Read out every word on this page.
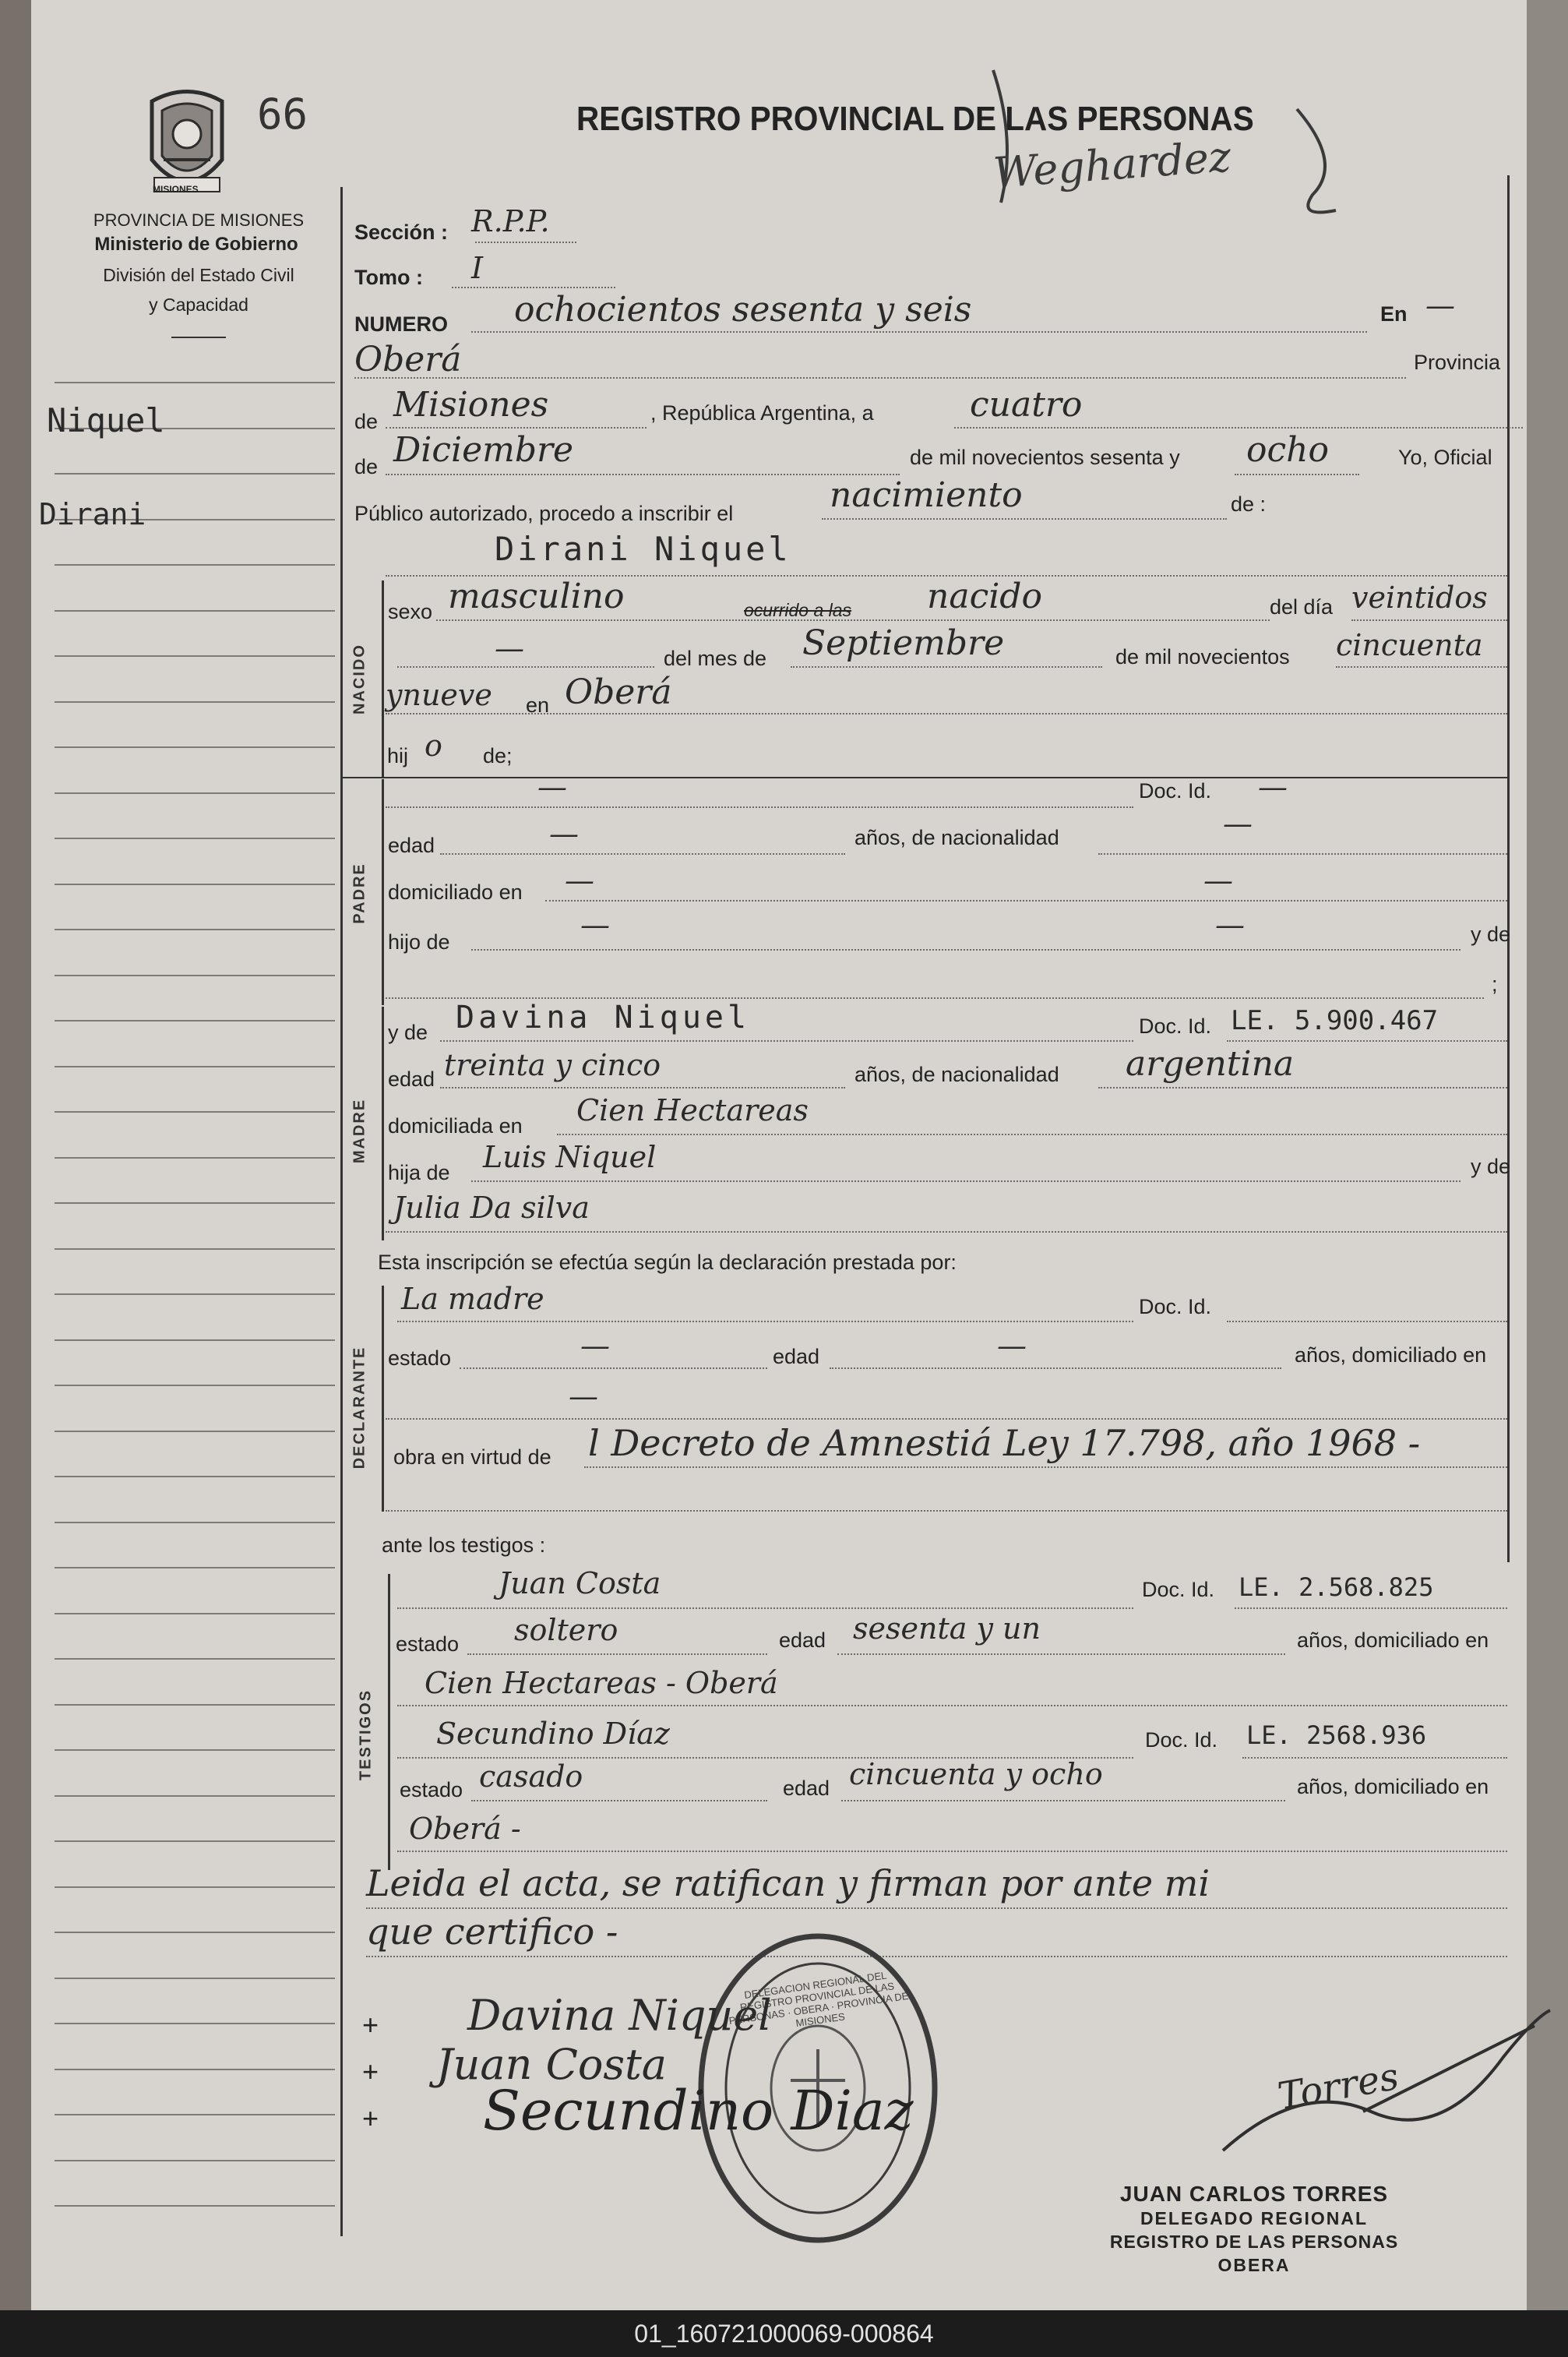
MISIONES
66	REGISTRO PROVINCIAL DE LAS PERSONAS
Weghardez
PROVINCIA DE MISIONES
Ministerio de Gobierno
División del Estado Civil
y Capacidad
Niquel
Dirani
Sección : R.P.P.
Tomo : I
NUMERO ochocientos sesenta y seis	En —
Oberá	Provincia
de Misiones	, República Argentina, a	cuatro
de Diciembre	de mil novecientos sesenta y ocho	Yo, Oficial
Público autorizado, procedo a inscribir el	nacimiento	de :
Dirani Niquel
NACIDO
sexo masculino	ocurrido a las nacido	del día veintidos
—	del mes de Septiembre	de mil novecientos cincuenta
ynueve en Oberá
hij o de;
PADRE
—	Doc. Id. —
edad	—	años, de nacionalidad	—
domiciliado en —	—
hijo de	—	—	y de
;
MADRE
y de Davina Niquel	Doc. Id. LE. 5.900.467
edad treinta y cinco	años, de nacionalidad argentina
domiciliada en Cien Hectareas
hija de Luis Niquel	y de
Julia Da silva
Esta inscripción se efectúa según la declaración prestada por:
DECLARANTE
La madre	Doc. Id.
estado	—	edad	—	años, domiciliado en
—
obra en virtud de l Decreto de Amnestiá Ley 17.798, año 1968 -
ante los testigos :
TESTIGOS
Juan Costa	Doc. Id. LE. 2.568.825
estado soltero	edad sesenta y un	años, domiciliado en
Cien Hectareas - Oberá
Secundino Díaz	Doc. Id. LE. 2568.936
estado casado	edad cincuenta y ocho	años, domiciliado en
Oberá -
Leida el acta, se ratifican y firman por ante mi
que certifico -
DELEGACION REGIONAL DEL REGISTRO PROVINCIAL DE LAS PERSONAS · OBERA · PROVINCIA DE MISIONES
+ Davina Niquel
+ Juan Costa
+ Secundino Diaz	Torres
JUAN CARLOS TORRES
DELEGADO REGIONAL
REGISTRO DE LAS PERSONAS
OBERA
01_160721000069-000864
